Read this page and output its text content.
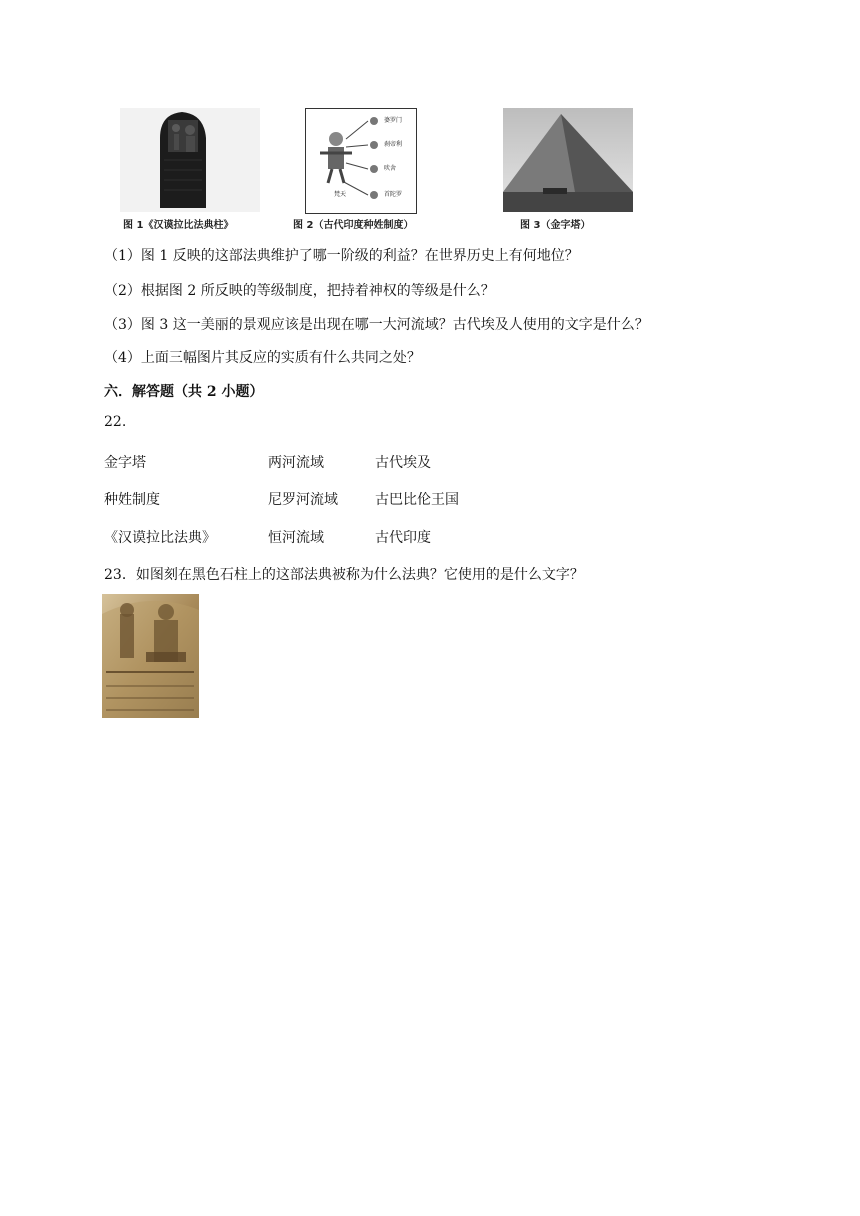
图 1《汉谟拉比法典柱》
婆罗门
刹帝利
吠舍
首陀罗
梵天
图 2（古代印度种姓制度）	图 3（金字塔）
（1）图 1 反映的这部法典维护了哪一阶级的利益？在世界历史上有何地位？
（2）根据图 2 所反映的等级制度，把持着神权的等级是什么？
（3）图 3 这一美丽的景观应该是出现在哪一大河流域？古代埃及人使用的文字是什么？
（4）上面三幅图片其反应的实质有什么共同之处？
六．解答题（共 2 小题）
22.
金字塔	两河流域	古代埃及
种姓制度	尼罗河流域	古巴比伦王国
《汉谟拉比法典》	恒河流域	古代印度
23．如图刻在黑色石柱上的这部法典被称为什么法典？它使用的是什么文字？
